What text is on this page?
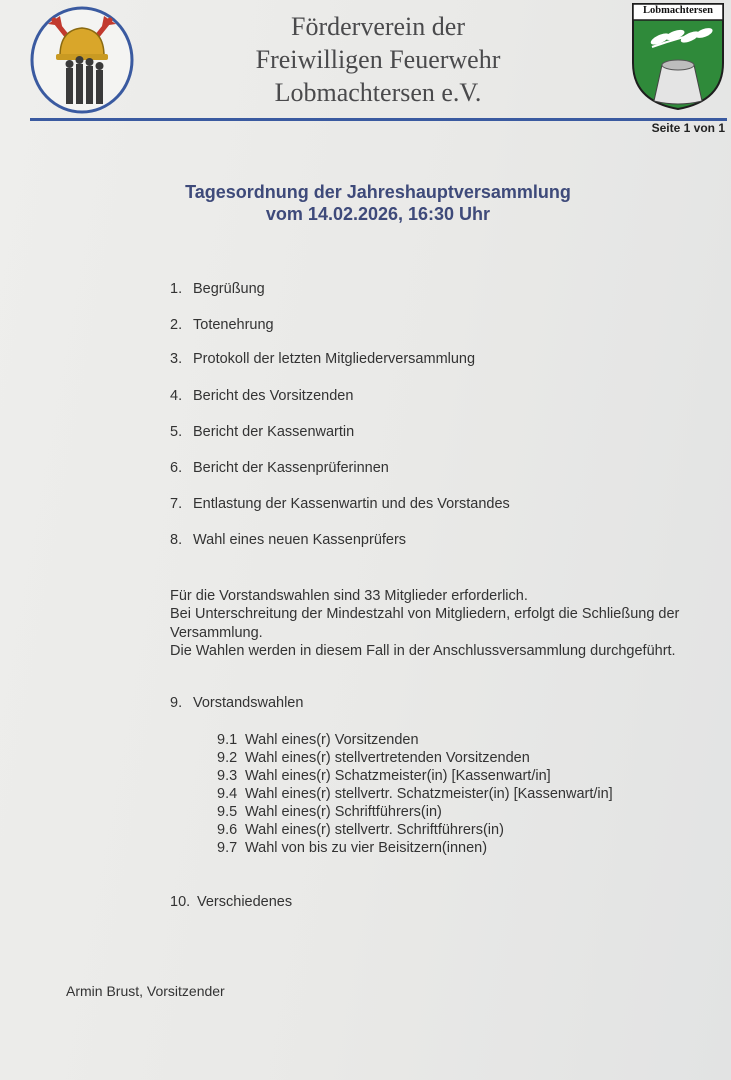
Förderverein der
Freiwilligen Feuerwehr
Lobmachtersen e.V.
Lobmachtersen
Seite 1 von 1
Tagesordnung der Jahreshauptversammlung
vom 14.02.2026, 16:30 Uhr
1. Begrüßung
2. Totenehrung
3. Protokoll der letzten Mitgliederversammlung
4. Bericht des Vorsitzenden
5. Bericht der Kassenwartin
6. Bericht der Kassenprüferinnen
7. Entlastung der Kassenwartin und des Vorstandes
8. Wahl eines neuen Kassenprüfers
Für die Vorstandswahlen sind 33 Mitglieder erforderlich.
Bei Unterschreitung der Mindestzahl von Mitgliedern, erfolgt die Schließung der
Versammlung.
Die Wahlen werden in diesem Fall in der Anschlussversammlung durchgeführt.
9. Vorstandswahlen
9.1 Wahl eines(r) Vorsitzenden
9.2 Wahl eines(r) stellvertretenden Vorsitzenden
9.3 Wahl eines(r) Schatzmeister(in) [Kassenwart/in]
9.4 Wahl eines(r) stellvertr. Schatzmeister(in) [Kassenwart/in]
9.5 Wahl eines(r) Schriftführers(in)
9.6 Wahl eines(r) stellvertr. Schriftführers(in)
9.7 Wahl von bis zu vier Beisitzern(innen)
10. Verschiedenes
Armin Brust, Vorsitzender
